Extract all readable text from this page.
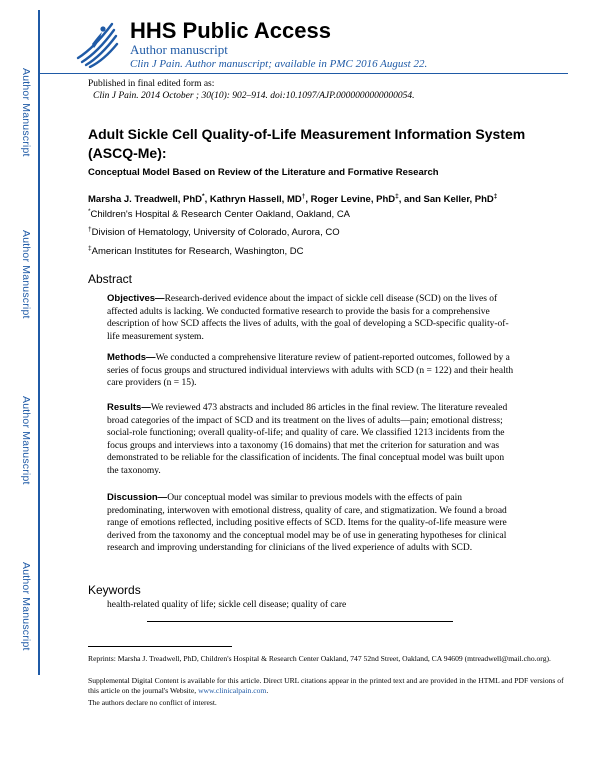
Author Manuscript
Author Manuscript
Author Manuscript
Author Manuscript
HHS Public Access
Author manuscript
Clin J Pain. Author manuscript; available in PMC 2016 August 22.
Published in final edited form as:
Clin J Pain. 2014 October ; 30(10): 902–914. doi:10.1097/AJP.0000000000000054.
Adult Sickle Cell Quality-of-Life Measurement Information System (ASCQ-Me):
Conceptual Model Based on Review of the Literature and Formative Research
Marsha J. Treadwell, PhD*, Kathryn Hassell, MD†, Roger Levine, PhD‡, and San Keller, PhD‡
*Children's Hospital & Research Center Oakland, Oakland, CA
†Division of Hematology, University of Colorado, Aurora, CO
‡American Institutes for Research, Washington, DC
Abstract
Objectives—Research-derived evidence about the impact of sickle cell disease (SCD) on the lives of affected adults is lacking. We conducted formative research to provide the basis for a comprehensive description of how SCD affects the lives of adults, with the goal of developing a SCD-specific quality-of-life measurement system.
Methods—We conducted a comprehensive literature review of patient-reported outcomes, followed by a series of focus groups and structured individual interviews with adults with SCD (n = 122) and their health care providers (n = 15).
Results—We reviewed 473 abstracts and included 86 articles in the final review. The literature revealed broad categories of the impact of SCD and its treatment on the lives of adults—pain; emotional distress; social-role functioning; overall quality-of-life; and quality of care. We classified 1213 incidents from the focus groups and interviews into a taxonomy (16 domains) that met the criterion for saturation and was demonstrated to be reliable for the classification of incidents. The final conceptual model was built upon the taxonomy.
Discussion—Our conceptual model was similar to previous models with the effects of pain predominating, interwoven with emotional distress, quality of care, and stigmatization. We found a broad range of emotions reflected, including positive effects of SCD. Items for the quality-of-life measure were derived from the taxonomy and the conceptual model may be of use in generating hypotheses for clinical research and improving understanding for clinicians of the lived experience of adults with SCD.
Keywords
health-related quality of life; sickle cell disease; quality of care
Reprints: Marsha J. Treadwell, PhD, Children's Hospital & Research Center Oakland, 747 52nd Street, Oakland, CA 94609 (mtreadwell@mail.cho.org).
Supplemental Digital Content is available for this article. Direct URL citations appear in the printed text and are provided in the HTML and PDF versions of this article on the journal's Website, www.clinicalpain.com.
The authors declare no conflict of interest.
